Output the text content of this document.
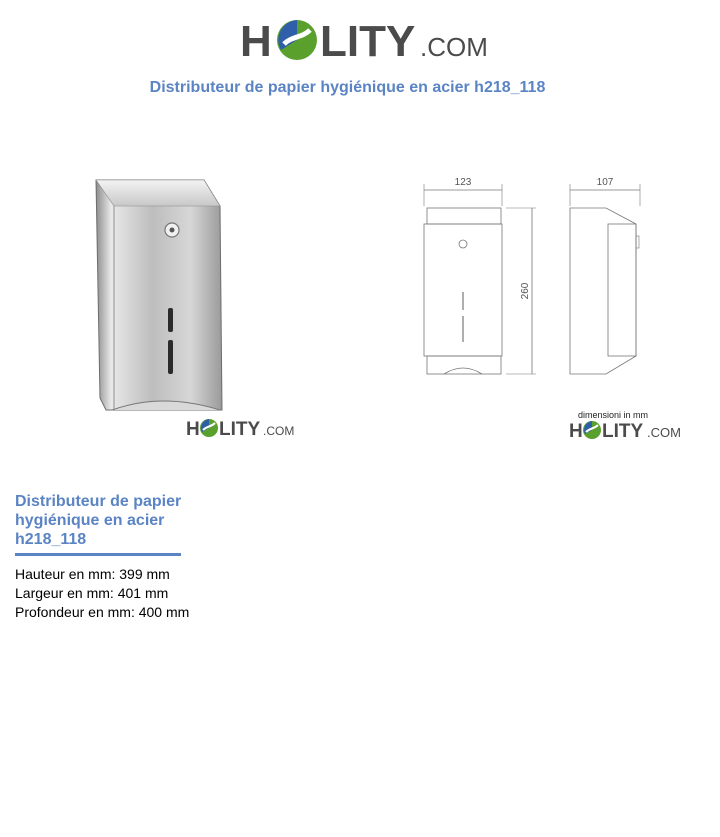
H LITY .COM
Distributeur de papier hygiénique en acier h218_118
H LITY .COM
123
260
107
dimensioni in mm
H LITY .COM
Distributeur de papier hygiénique en acier h218_118
Hauteur en mm: 399 mm
Largeur en mm: 401 mm
Profondeur en mm: 400 mm
